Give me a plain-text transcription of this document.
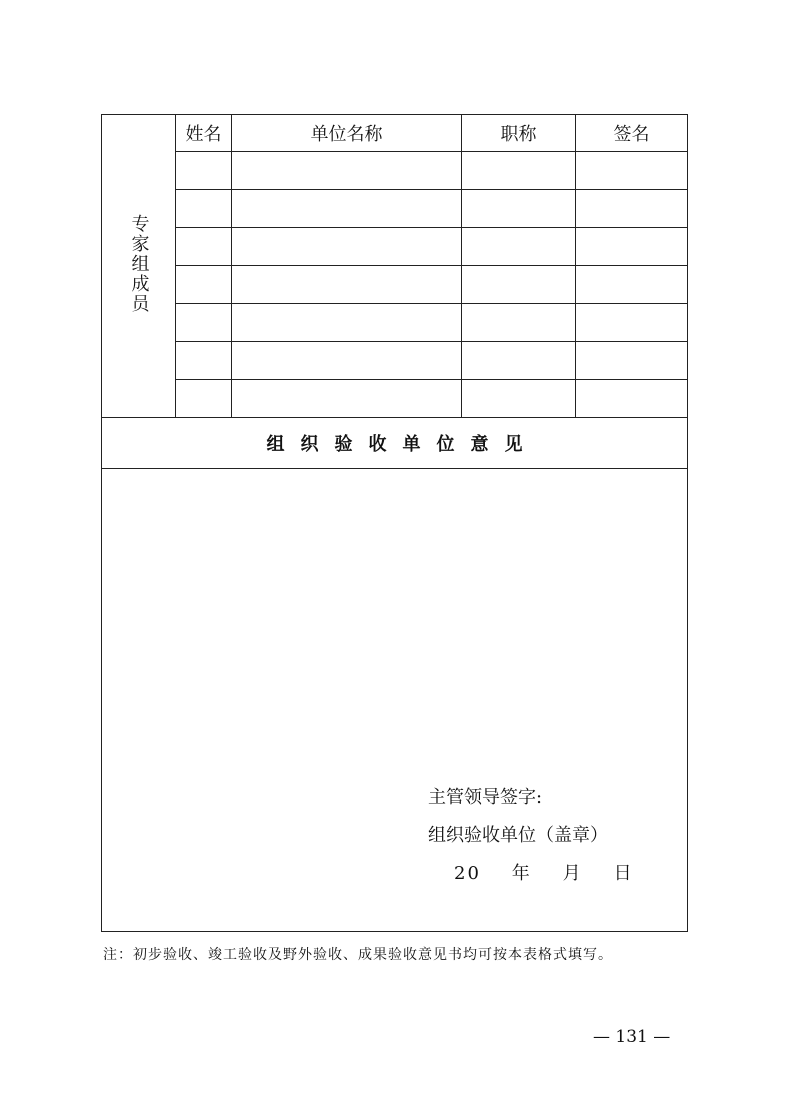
专家组成员	姓名	单位名称	职称	签名

组织验收单位意见				

主管领导签字:
组织验收单位（盖章）
20    年    月    日				
注：初步验收、竣工验收及野外验收、成果验收意见书均可按本表格式填写。
— 131 —
